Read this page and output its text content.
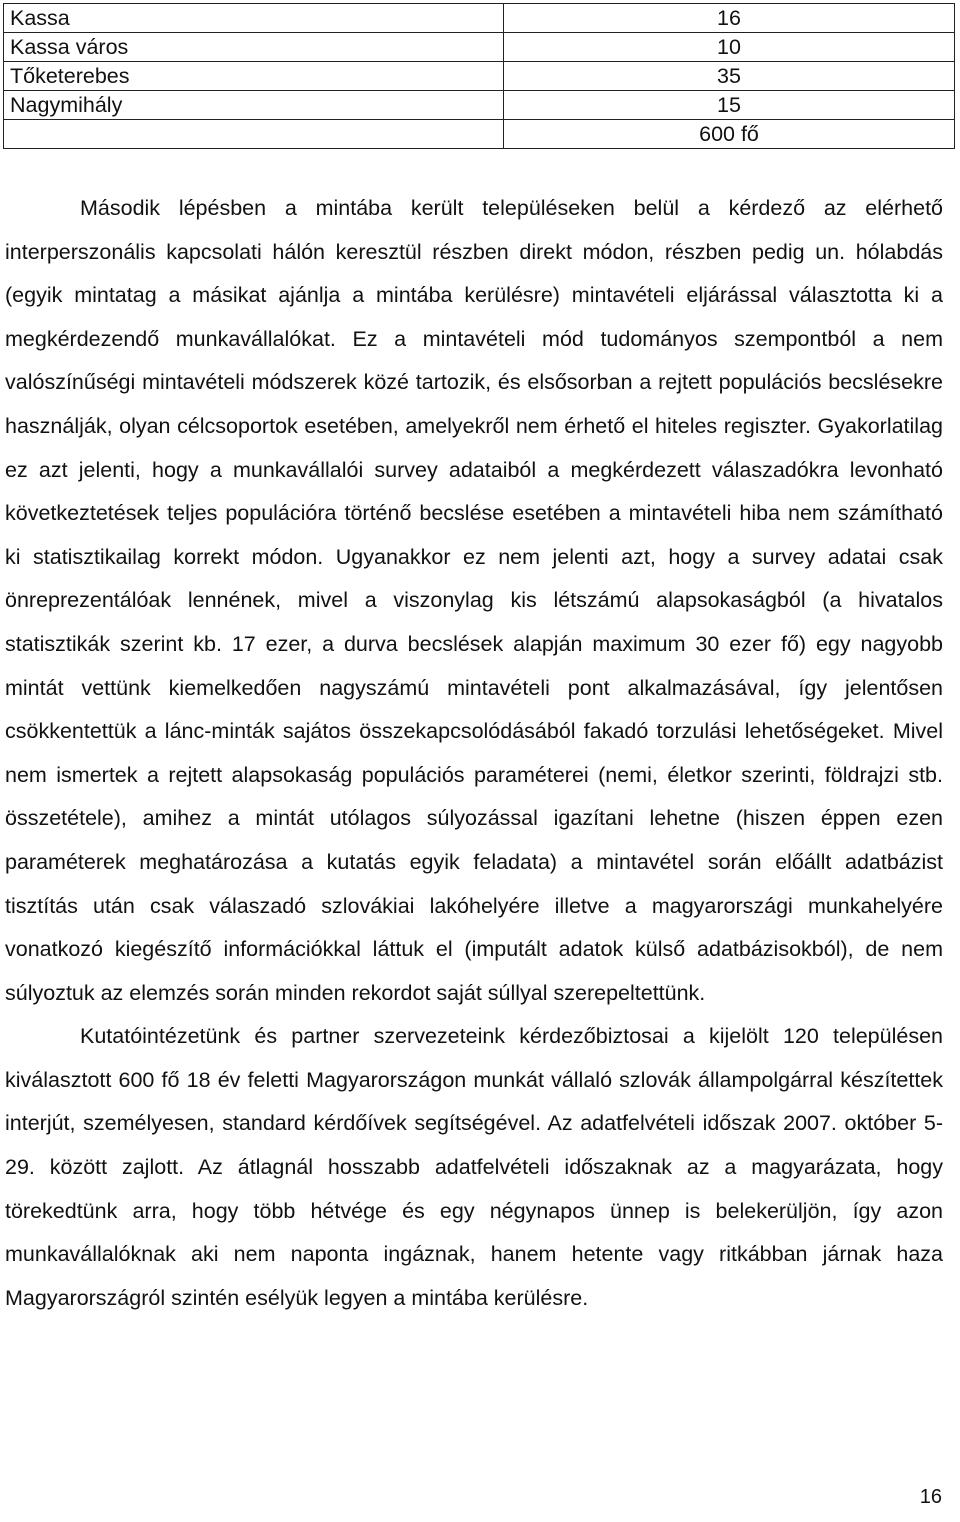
Kassa	16
Kassa város	10
Tőketerebes	35
Nagymihály	15
	600 fő

Második lépésben a mintába került településeken belül a kérdező az elérhető interperszonális kapcsolati hálón keresztül részben direkt módon, részben pedig un. hólabdás (egyik mintatag a másikat ajánlja a mintába kerülésre) mintavételi eljárással választotta ki a megkérdezendő munkavállalókat. Ez a mintavételi mód tudományos szempontból a nem valószínűségi mintavételi módszerek közé tartozik, és elsősorban a rejtett populációs becslésekre használják, olyan célcsoportok esetében, amelyekről nem érhető el hiteles regiszter. Gyakorlatilag ez azt jelenti, hogy a munkavállalói survey adataiból a megkérdezett válaszadókra levonható következtetések teljes populációra történő becslése esetében a mintavételi hiba nem számítható ki statisztikailag korrekt módon. Ugyanakkor ez nem jelenti azt, hogy a survey adatai csak önreprezentálóak lennének, mivel a viszonylag kis létszámú alapsokaságból (a hivatalos statisztikák szerint kb. 17 ezer, a durva becslések alapján maximum 30 ezer fő) egy nagyobb mintát vettünk kiemelkedően nagyszámú mintavételi pont alkalmazásával, így jelentősen csökkentettük a lánc-minták sajátos összekapcsolódásából fakadó torzulási lehetőségeket. Mivel nem ismertek a rejtett alapsokaság populációs paraméterei (nemi, életkor szerinti, földrajzi stb. összetétele), amihez a mintát utólagos súlyozással igazítani lehetne (hiszen éppen ezen paraméterek meghatározása a kutatás egyik feladata) a mintavétel során előállt adatbázist tisztítás után csak válaszadó szlovákiai lakóhelyére illetve a magyarországi munkahelyére vonatkozó kiegészítő információkkal láttuk el (imputált adatok külső adatbázisokból), de nem súlyoztuk az elemzés során minden rekordot saját súllyal szerepeltettünk.

Kutatóintézetünk és partner szervezeteink kérdezőbiztosai a kijelölt 120 településen kiválasztott 600 fő 18 év feletti Magyarországon munkát vállaló szlovák állampolgárral készítettek interjút, személyesen, standard kérdőívek segítségével. Az adatfelvételi időszak 2007. október 5-29. között zajlott. Az átlagnál hosszabb adatfelvételi időszaknak az a magyarázata, hogy törekedtünk arra, hogy több hétvége és egy négynapos ünnep is belekerüljön, így azon munkavállalóknak aki nem naponta ingáznak, hanem hetente vagy ritkábban járnak haza Magyarországról szintén esélyük legyen a mintába kerülésre.

16
